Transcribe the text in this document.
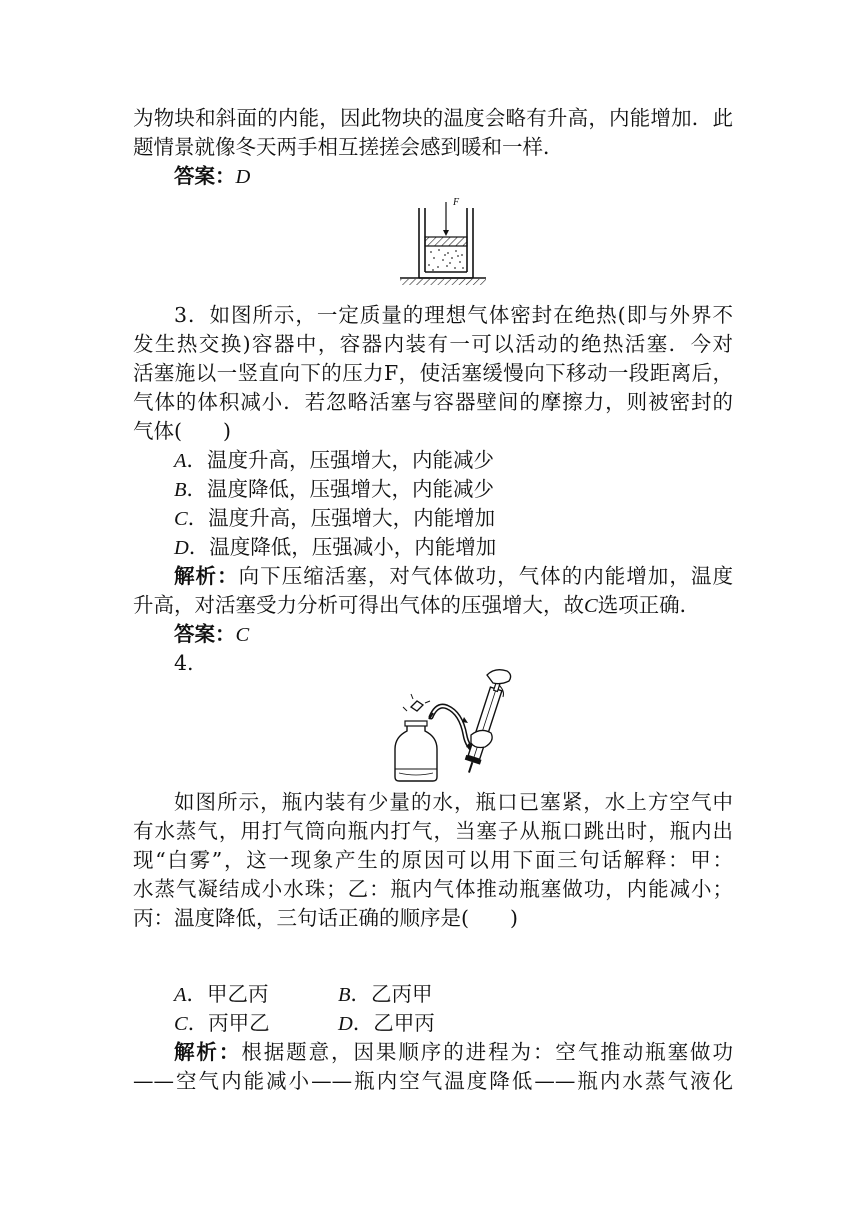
为物块和斜面的内能，因此物块的温度会略有升高，内能增加．此
题情景就像冬天两手相互搓搓会感到暖和一样．
答案：D
F
3．如图所示，一定质量的理想气体密封在绝热(即与外界不
发生热交换)容器中，容器内装有一可以活动的绝热活塞．今对
活塞施以一竖直向下的压力F，使活塞缓慢向下移动一段距离后，
气体的体积减小．若忽略活塞与容器壁间的摩擦力，则被密封的
气体(　　)
A．温度升高，压强增大，内能减少
B．温度降低，压强增大，内能减少
C．温度升高，压强增大，内能增加
D．温度降低，压强减小，内能增加
解析：向下压缩活塞，对气体做功，气体的内能增加，温度
升高，对活塞受力分析可得出气体的压强增大，故C选项正确．
答案：C
4.
如图所示，瓶内装有少量的水，瓶口已塞紧，水上方空气中
有水蒸气，用打气筒向瓶内打气，当塞子从瓶口跳出时，瓶内出
现“白雾”，这一现象产生的原因可以用下面三句话解释：甲：
水蒸气凝结成小水珠；乙：瓶内气体推动瓶塞做功，内能减小；
丙：温度降低，三句话正确的顺序是(　　)
A．甲乙丙	B．乙丙甲
C．丙甲乙	D．乙甲丙
解析：根据题意，因果顺序的进程为：空气推动瓶塞做功
——空气内能减小——瓶内空气温度降低——瓶内水蒸气液化
